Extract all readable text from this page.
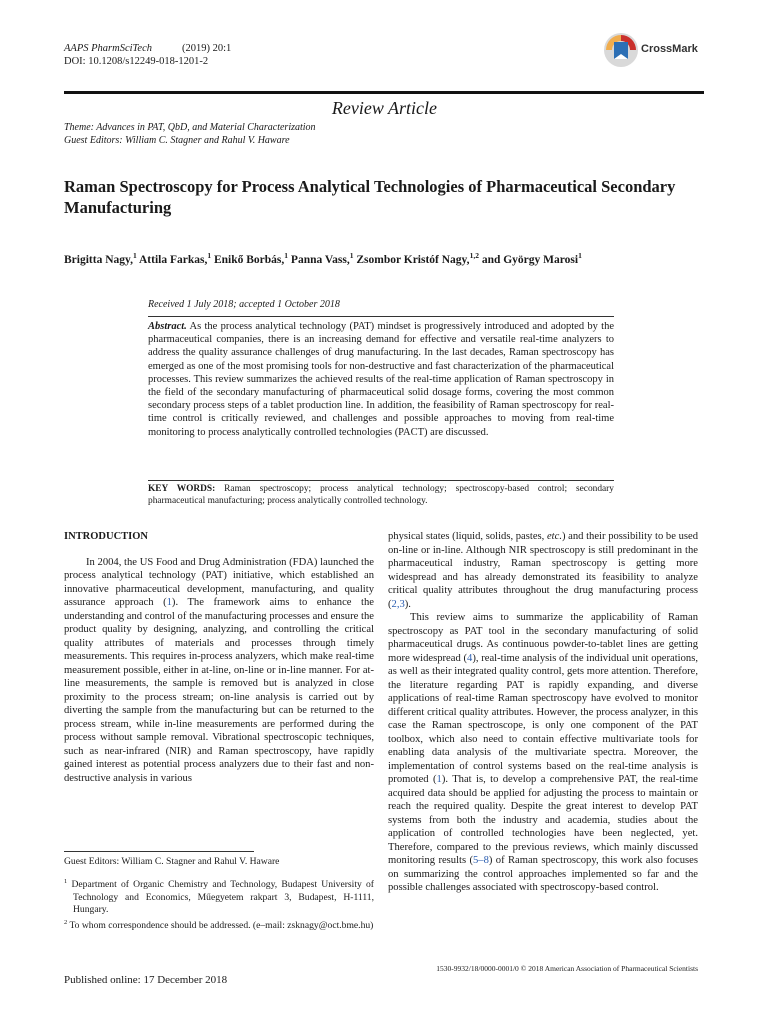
AAPS PharmSciTech	(2019) 20:1
DOI: 10.1208/s12249-018-1201-2
CrossMark
Review Article
Theme: Advances in PAT, QbD, and Material Characterization
Guest Editors: William C. Stagner and Rahul V. Haware
Raman Spectroscopy for Process Analytical Technologies of Pharmaceutical Secondary Manufacturing
Brigitta Nagy,$^1$ Attila Farkas,$^1$ Enikő Borbás,$^1$ Panna Vass,$^1$ Zsombor Kristóf Nagy,$^{1,2}$ and György Marosi$^1$
Received 1 July 2018; accepted 1 October 2018
Abstract. As the process analytical technology (PAT) mindset is progressively introduced and adopted by the pharmaceutical companies, there is an increasing demand for effective and versatile real-time analyzers to address the quality assurance challenges of drug manufacturing. In the last decades, Raman spectroscopy has emerged as one of the most promising tools for non-destructive and fast characterization of the pharmaceutical processes. This review summarizes the achieved results of the real-time application of Raman spectroscopy in the field of the secondary manufacturing of pharmaceutical solid dosage forms, covering the most common secondary process steps of a tablet production line. In addition, the feasibility of Raman spectroscopy for real-time control is critically reviewed, and challenges and possible approaches to moving from real-time monitoring to process analytically controlled technologies (PACT) are discussed.
KEY WORDS: Raman spectroscopy; process analytical technology; spectroscopy-based control; secondary pharmaceutical manufacturing; process analytically controlled technology.
INTRODUCTION

In 2004, the US Food and Drug Administration (FDA) launched the process analytical technology (PAT) initiative, which established an innovative pharmaceutical development, manufacturing, and quality assurance approach (1). The framework aims to enhance the understanding and control of the manufacturing processes and ensure the product quality by designing, analyzing, and controlling the critical quality attributes of materials and processes through timely measurements. This requires in-process analyzers, which make real-time measurement possible, either in at-line, on-line or in-line manner. For at-line measurements, the sample is removed but is analyzed in close proximity to the process stream; on-line analysis is carried out by diverting the sample from the manufacturing but can be returned to the process stream, while in-line measurements are performed during the process without sample removal. Vibrational spectroscopic techniques, such as near-infrared (NIR) and Raman spectroscopy, have rapidly gained interest as potential process analyzers due to their fast and non-destructive analysis in various

physical states (liquid, solids, pastes, etc.) and their possibility to be used on-line or in-line. Although NIR spectroscopy is still predominant in the pharmaceutical industry, Raman spectroscopy is getting more widespread and has already demonstrated its feasibility to analyze critical quality attributes throughout the drug manufacturing process (2,3).

This review aims to summarize the applicability of Raman spectroscopy as PAT tool in the secondary manufacturing of solid pharmaceutical drugs. As continuous powder-to-tablet lines are getting more widespread (4), real-time analysis of the individual unit operations, as well as their integrated quality control, gets more attention. Therefore, the literature regarding PAT is rapidly expanding, and diverse applications of real-time Raman spectroscopy have evolved to monitor different critical quality attributes. However, the process analyzer, in this case the Raman spectroscope, is only one component of the PAT toolbox, which also need to contain effective multivariate tools for enabling data analysis of the multivariate spectra. Moreover, the implementation of control systems based on the real-time analysis is promoted (1). That is, to develop a comprehensive PAT, the real-time acquired data should be applied for adjusting the process to maintain or reach the required quality. Despite the great interest to develop PAT systems from both the industry and academia, studies about the application of controlled technologies have been neglected, yet. Therefore, compared to the previous reviews, which mainly discussed monitoring results (5–8) of Raman spectroscopy, this work also focuses on summarizing the control approaches implemented so far and the possible challenges associated with spectroscopy-based control.

Guest Editors: William C. Stagner and Rahul V. Haware

$^1$ Department of Organic Chemistry and Technology, Budapest University of Technology and Economics, Műegyetem rakpart 3, Budapest, H-1111, Hungary.

$^2$ To whom correspondence should be addressed. (e–mail: zsknagy@oct.bme.hu)

Published online: 17 December 2018
1530-9932/18/0000-0001/0 © 2018 American Association of Pharmaceutical Scientists
